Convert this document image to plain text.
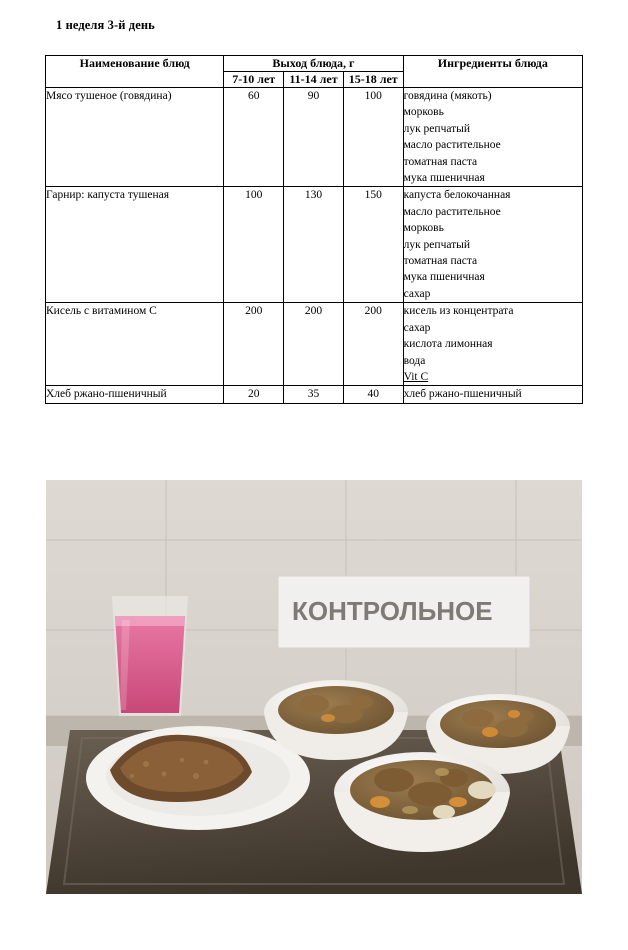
1 неделя 3-й день
Наименование блюд	Выход блюда, г			Ингредиенты блюда
	7-10 лет	11-14 лет	15-18 лет	
Мясо тушеное (говядина)	60	90	100	говядина (мякоть)
морковь
лук репчатый
масло растительное
томатная паста
мука пшеничная

Гарнир: капуста тушеная	100	130	150	капуста белокочанная
масло растительное
морковь
лук репчатый
томатная паста
мука пшеничная
сахар

Кисель с витамином С	200	200	200	кисель из концентрата
сахар
кислота лимонная
вода
Vit C

Хлеб ржано-пшеничный	20	35	40	хлеб ржано-пшеничный
КОНТРОЛЬНОЕ
